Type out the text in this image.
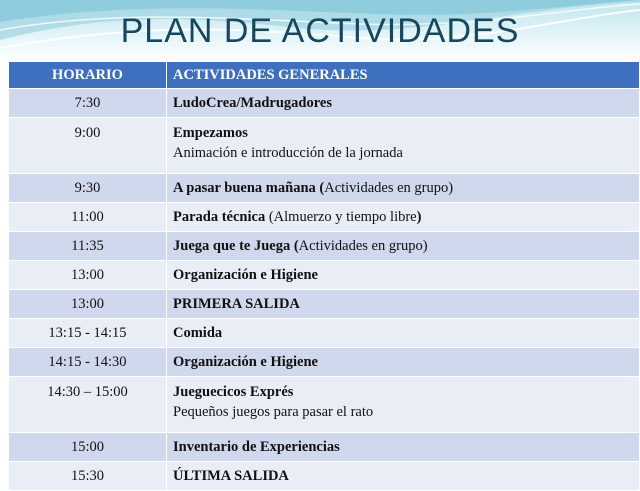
PLAN DE ACTIVIDADES
HORARIO	ACTIVIDADES GENERALES
7:30	LudoCrea/Madrugadores
9:00	Empezamos
Animación e introducción de la jornada

9:30	A pasar buena mañana (Actividades en grupo)
11:00	Parada técnica (Almuerzo y tiempo libre)
11:35	Juega que te Juega (Actividades en grupo)
13:00	Organización e Higiene
13:00	PRIMERA SALIDA
13:15 - 14:15	Comida
14:15 - 14:30	Organización e Higiene
14:30 – 15:00	Jueguecicos Exprés
Pequeños juegos para pasar el rato

15:00	Inventario de Experiencias
15:30	ÚLTIMA SALIDA
